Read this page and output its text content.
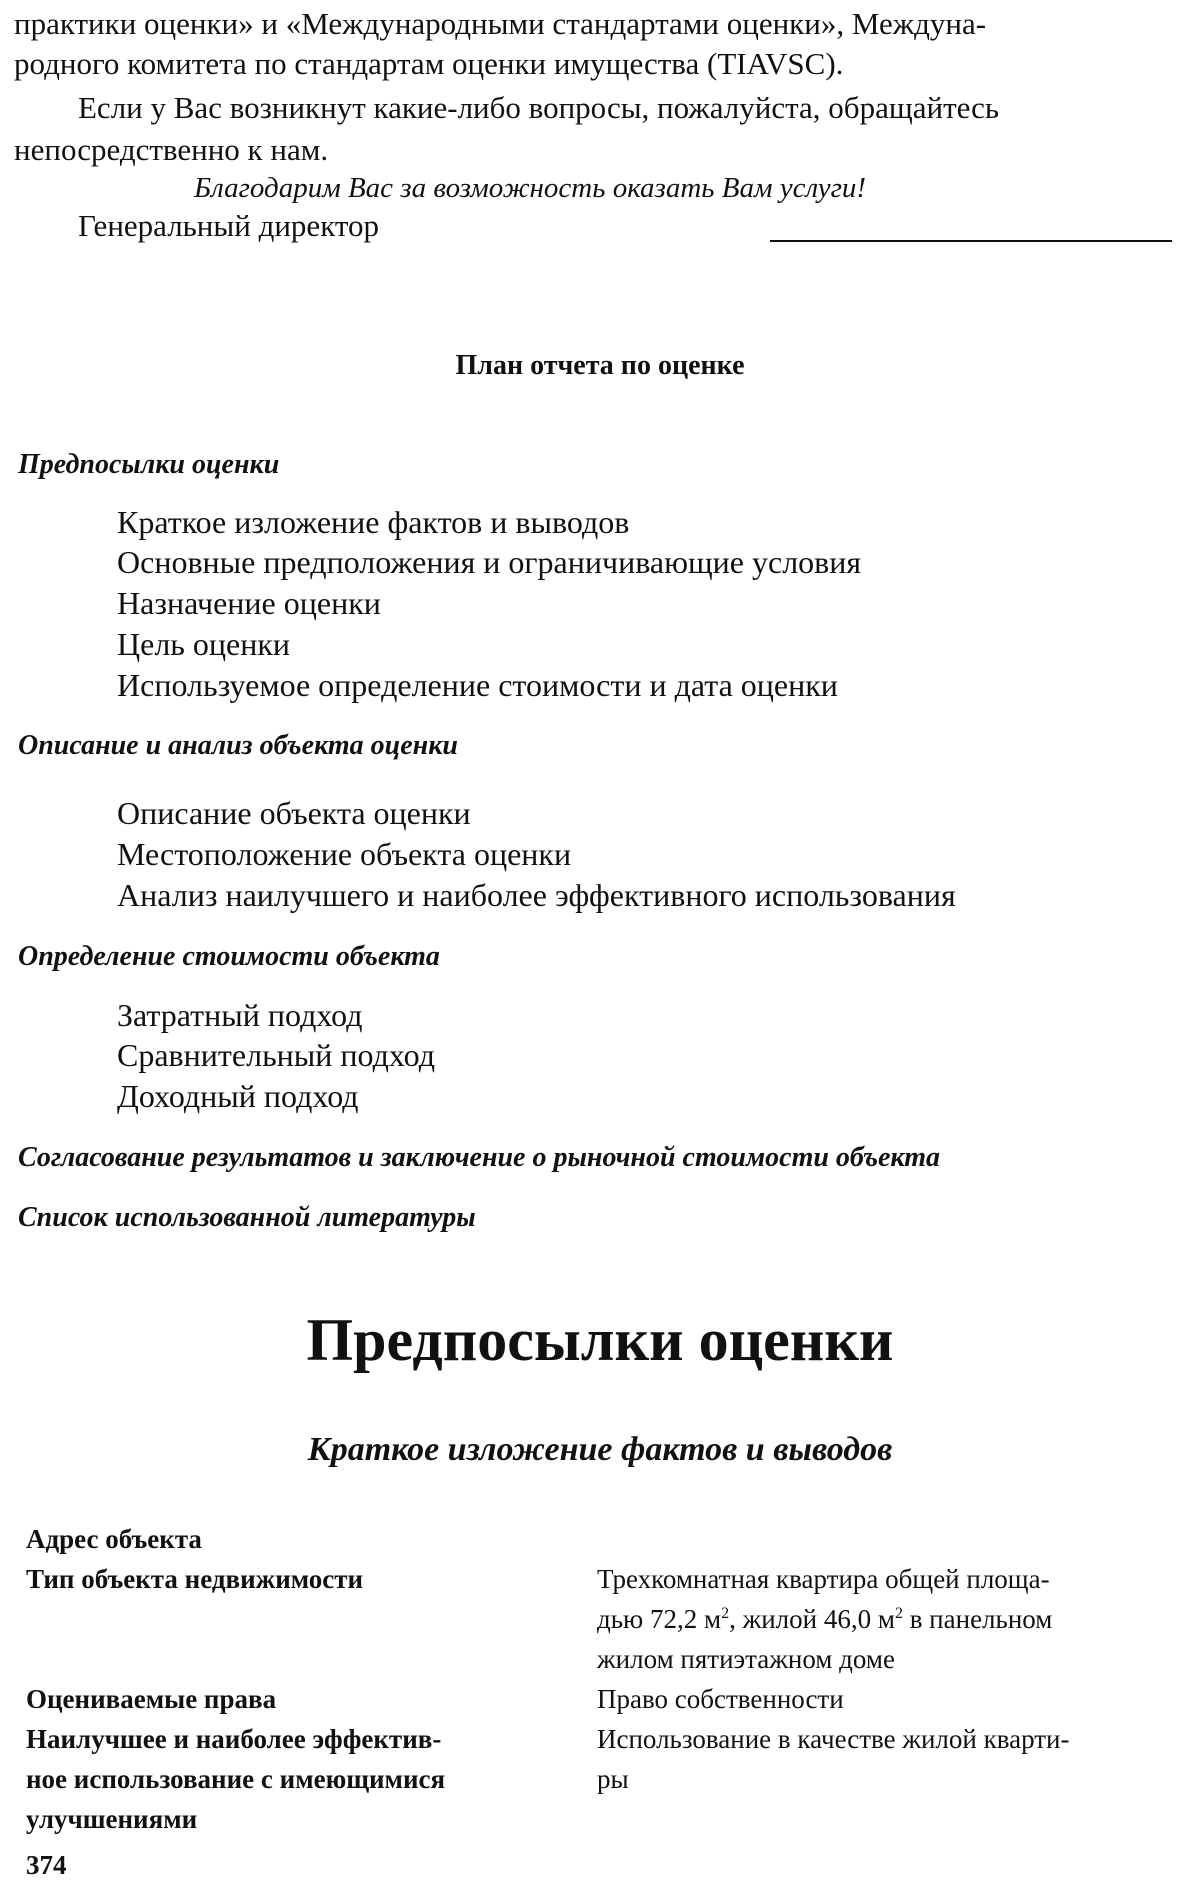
практики оценки» и «Международными стандартами оценки», Междуна-

родного комитета по стандартам оценки имущества (TIAVSC).

Если у Вас возникнут какие-либо вопросы, пожалуйста, обращайтесь

непосредственно к нам.

Благодарим Вас за возможность оказать Вам услуги!

Генеральный директор

План отчета по оценке

Предпосылки оценки

Краткое изложение фактов и выводов

Основные предположения и ограничивающие условия

Назначение оценки

Цель оценки

Используемое определение стоимости и дата оценки

Описание и анализ объекта оценки

Описание объекта оценки

Местоположение объекта оценки

Анализ наилучшего и наиболее эффективного использования

Определение стоимости объекта

Затратный подход

Сравнительный подход

Доходный подход

Согласование результатов и заключение о рыночной стоимости объекта

Список использованной литературы

Предпосылки оценки

Краткое изложение фактов и выводов

Адрес объекта

Тип объекта недвижимости	Трехкомнатная квартира общей площа-

дью 72,2 $м^2$, жилой 46,0 $м^2$ в панельном

жилом пятиэтажном доме

Оцениваемые права	Право собственности

Наилучшее и наиболее эффектив-

ное использование с имеющимися

улучшениями

Использование в качестве жилой кварти-

ры

374
